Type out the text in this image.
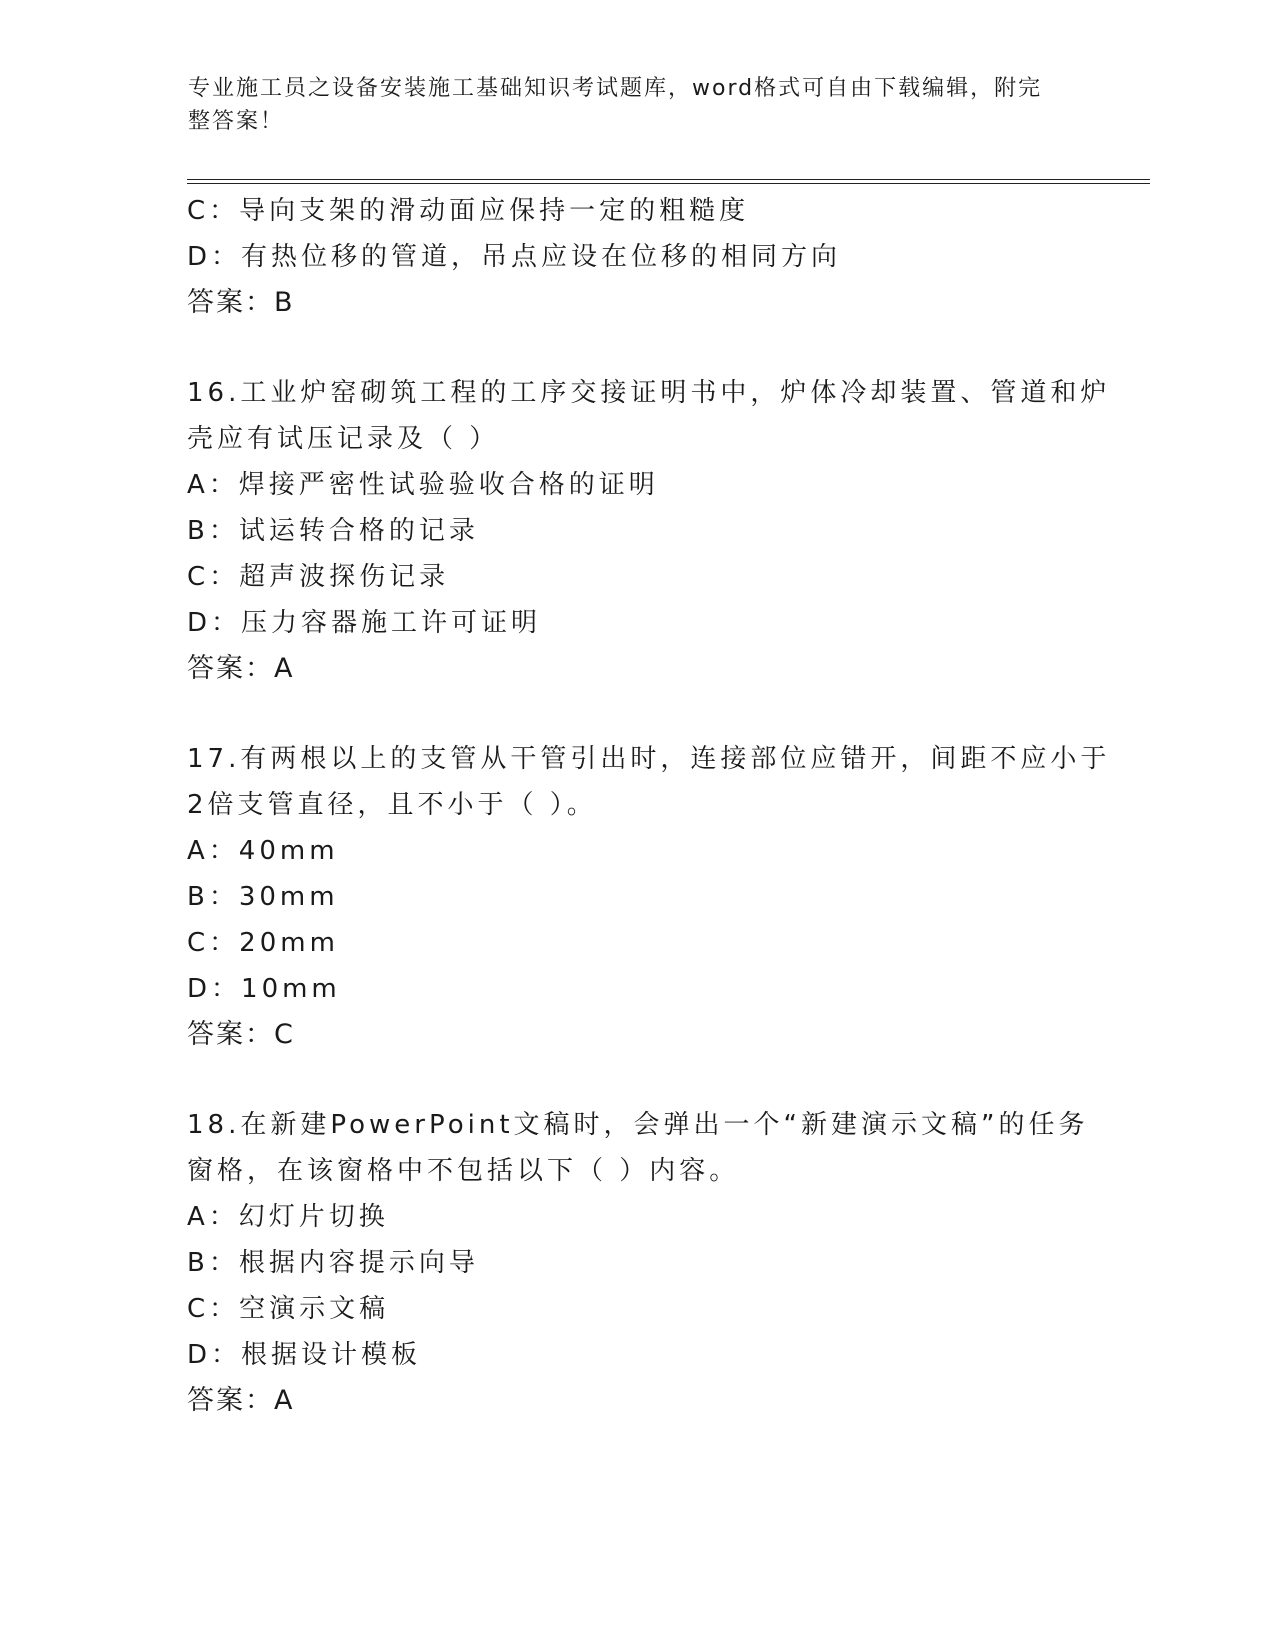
专业施工员之设备安装施工基础知识考试题库，word格式可自由下载编辑，附完
整答案！
C：导向支架的滑动面应保持一定的粗糙度
D：有热位移的管道，吊点应设在位移的相同方向
答案：B
16.工业炉窑砌筑工程的工序交接证明书中，炉体冷却装置、管道和炉
壳应有试压记录及（ ）
A：焊接严密性试验验收合格的证明
B：试运转合格的记录
C：超声波探伤记录
D：压力容器施工许可证明
答案：A
17.有两根以上的支管从干管引出时，连接部位应错开，间距不应小于
2倍支管直径，且不小于（ ）。
A：40mm
B：30mm
C：20mm
D：10mm
答案：C
18.在新建PowerPoint文稿时，会弹出一个“新建演示文稿”的任务
窗格，在该窗格中不包括以下（ ）内容。
A：幻灯片切换
B：根据内容提示向导
C：空演示文稿
D：根据设计模板
答案：A
